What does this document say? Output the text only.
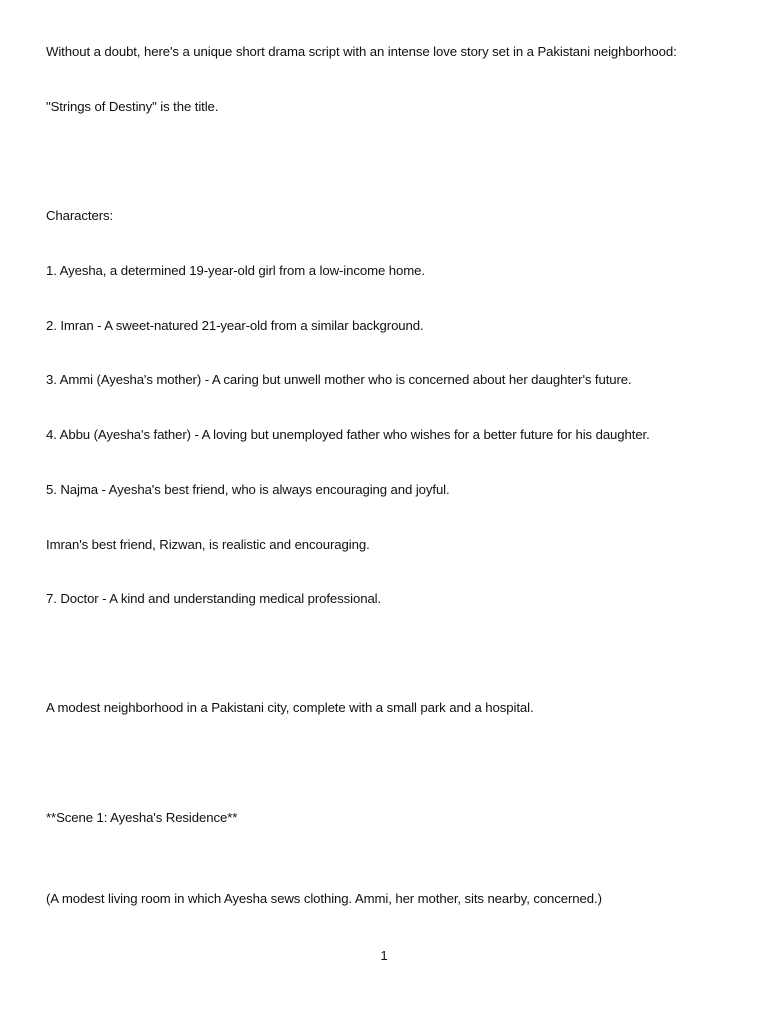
Without a doubt, here's a unique short drama script with an intense love story set in a Pakistani neighborhood:
"Strings of Destiny" is the title.
Characters:
1. Ayesha, a determined 19-year-old girl from a low-income home.
2. Imran - A sweet-natured 21-year-old from a similar background.
3. Ammi (Ayesha's mother) - A caring but unwell mother who is concerned about her daughter's future.
4. Abbu (Ayesha's father) - A loving but unemployed father who wishes for a better future for his daughter.
5. Najma - Ayesha's best friend, who is always encouraging and joyful.
Imran's best friend, Rizwan, is realistic and encouraging.
7. Doctor - A kind and understanding medical professional.
A modest neighborhood in a Pakistani city, complete with a small park and a hospital.
**Scene 1: Ayesha's Residence**
(A modest living room in which Ayesha sews clothing. Ammi, her mother, sits nearby, concerned.)
1
